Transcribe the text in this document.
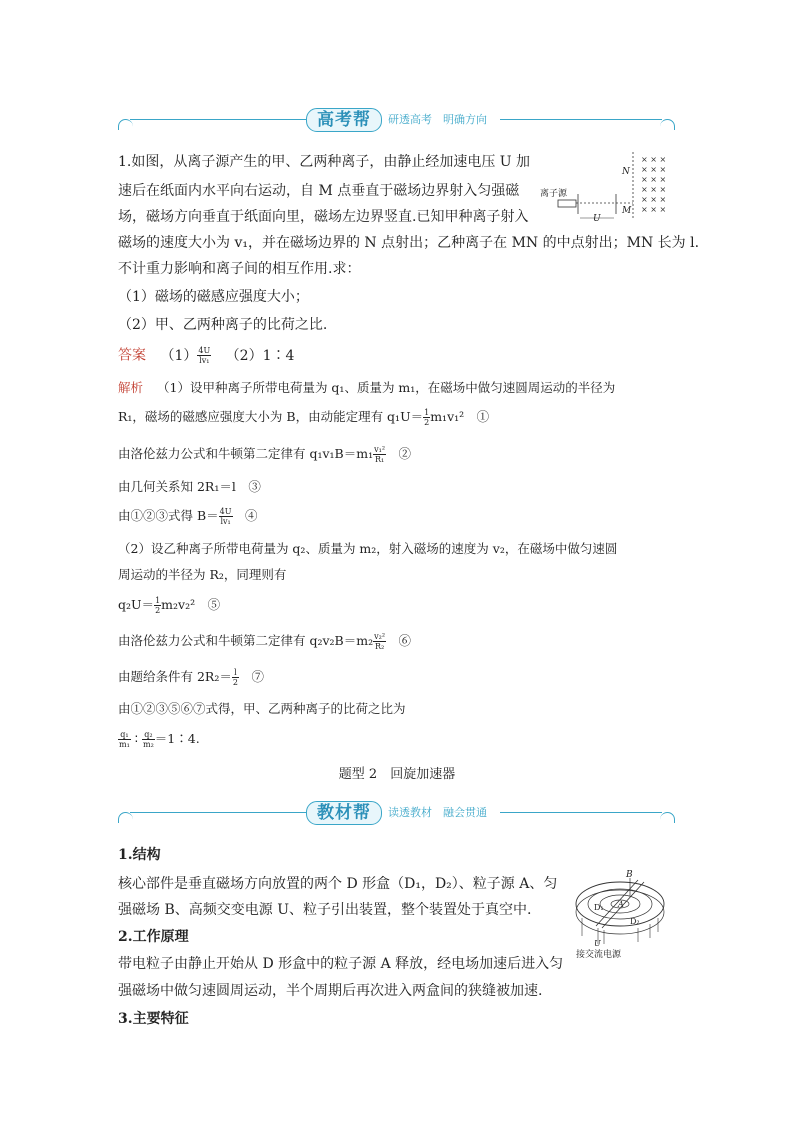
高考帮	研透高考　明确方向
1.如图，从离子源产生的甲、乙两种离子，由静止经加速电压 U 加
速后在纸面内水平向右运动，自 M 点垂直于磁场边界射入匀强磁
场，磁场方向垂直于纸面向里，磁场左边界竖直.已知甲种离子射入
磁场的速度大小为 v₁，并在磁场边界的 N 点射出；乙种离子在 MN 的中点射出；MN 长为 l.
不计重力影响和离子间的相互作用.求：
（1）磁场的磁感应强度大小；
（2）甲、乙两种离子的比荷之比.
× × ×
× × ×
× × ×
× × ×
× × ×
× × ×
离子源
U
N
M
答案 $(1) \frac{4U}{\text{lv₁}}$ （2）1∶4
解析 （1）设甲种离子所带电荷量为 q₁、质量为 m₁，在磁场中做匀速圆周运动的半径为
R₁，磁场的磁感应强度大小为 B，由动能定理有 $q_1U= \frac{1}{2} m_1v_1^2$　①
由洛伦兹力公式和牛顿第二定律有 $q_1v_1B=m_1 \frac{\text{v₁²}}{\text{R₁}}$ 　②
由几何关系知 2R₁＝l　③
由①②③式得 $B= \frac{4U}{\text{lv₁}}$ 　④
（2）设乙种离子所带电荷量为 q₂、质量为 m₂，射入磁场的速度为 v₂，在磁场中做匀速圆
周运动的半径为 R₂，同理则有
$q_2U= \frac{1}{2} m_2v_2^2$　⑤
由洛伦兹力公式和牛顿第二定律有 $q_2v_2B=m_2 \frac{\text{v₂²}}{\text{R₂}}$ 　⑥
由题给条件有 $2R_2= \frac{l}{2}$ 　⑦
由①②③⑤⑥⑦式得，甲、乙两种离子的比荷之比为
$\frac{\text{q₁}}{\text{m₁}}$ ∶ $\frac{\text{q₂}}{\text{m₂}}$ ＝1∶4.
题型 2　回旋加速器
教材帮	读透教材　融会贯通
1.结构
核心部件是垂直磁场方向放置的两个 D 形盒（D₁，D₂）、粒子源 A、匀
强磁场 B、高频交变电源 U、粒子引出装置，整个装置处于真空中.
2.工作原理
带电粒子由静止开始从 D 形盒中的粒子源 A 释放，经电场加速后进入匀
强磁场中做匀速圆周运动，半个周期后再次进入两盒间的狭缝被加速.
3.主要特征
B
A
D₁
D₂
U
接交流电源
